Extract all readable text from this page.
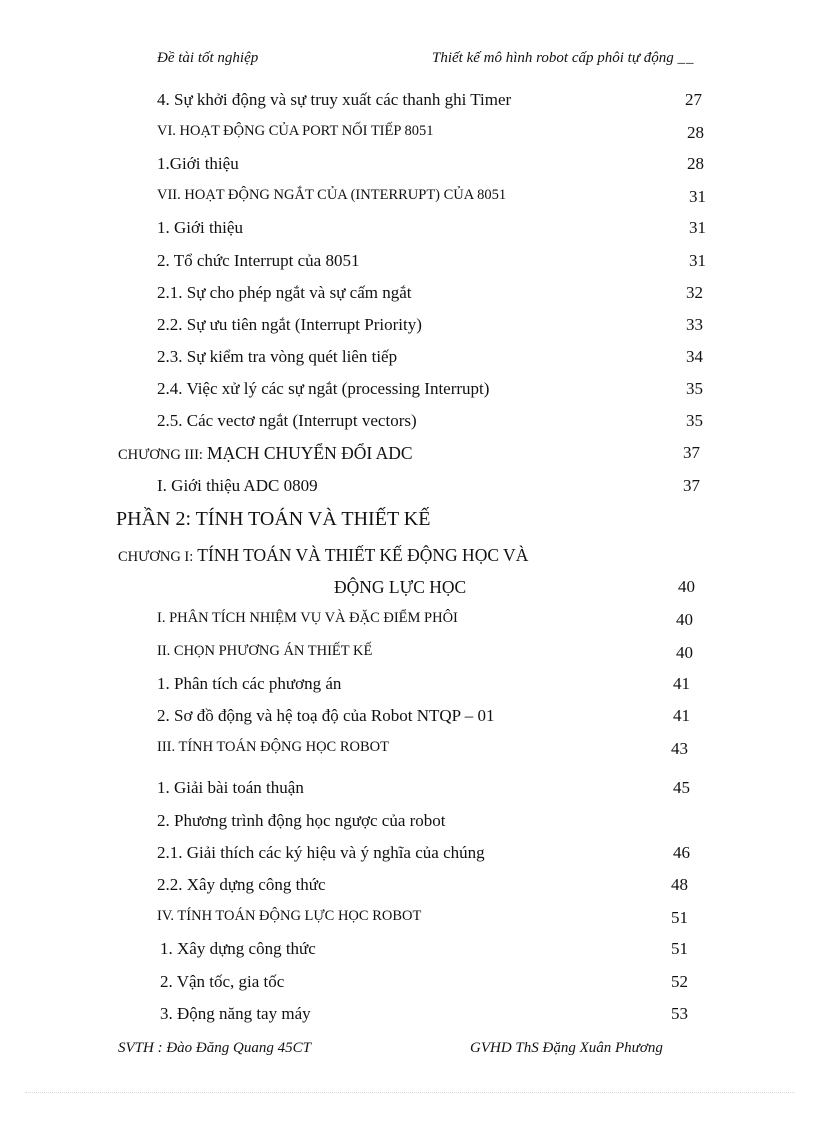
Đề tài tốt nghiệp	Thiết kế mô hình robot cấp phôi tự động __
4. Sự khởi động và sự truy xuất các thanh ghi Timer	27
VI. HOẠT ĐỘNG CỦA PORT NỐI TIẾP 8051	28
1.Giới thiệu	28
VII. HOẠT ĐỘNG NGẮT CỦA (INTERRUPT) CỦA 8051	31
1. Giới thiệu	31
2. Tổ chức Interrupt của 8051	31
2.1. Sự cho phép ngắt và sự cấm ngắt	32
2.2. Sự ưu tiên ngắt (Interrupt Priority)	33
2.3. Sự kiểm tra vòng quét liên tiếp	34
2.4. Việc xử lý các sự ngắt (processing Interrupt)	35
2.5. Các vectơ ngắt (Interrupt vectors)	35
CHƯƠNG III: MẠCH CHUYỂN ĐỔI ADC	37
I. Giới thiệu ADC 0809	37
PHẦN 2: TÍNH TOÁN VÀ THIẾT KẾ
CHƯƠNG I: TÍNH TOÁN VÀ THIẾT KẾ ĐỘNG HỌC VÀ
ĐỘNG LỰC HỌC	40
I. PHÂN TÍCH NHIỆM VỤ VÀ ĐẶC ĐIỂM PHÔI	40
II. CHỌN PHƯƠNG ÁN THIẾT KẾ	40
1. Phân tích các phương án	41
2. Sơ đồ động và hệ toạ độ của Robot NTQP – 01	41
III. TÍNH TOÁN ĐỘNG HỌC ROBOT	43
1. Giải bài toán thuận	45
2. Phương trình động học ngược của robot
2.1. Giải thích các ký hiệu và ý nghĩa của chúng	46
2.2. Xây dựng công thức	48
IV. TÍNH TOÁN ĐỘNG LỰC HỌC ROBOT	51
1. Xây dựng công thức	51
2. Vận tốc, gia tốc	52
3. Động năng tay máy	53
SVTH : Đào Đăng Quang 45CT	GVHD ThS Đặng Xuân Phương
